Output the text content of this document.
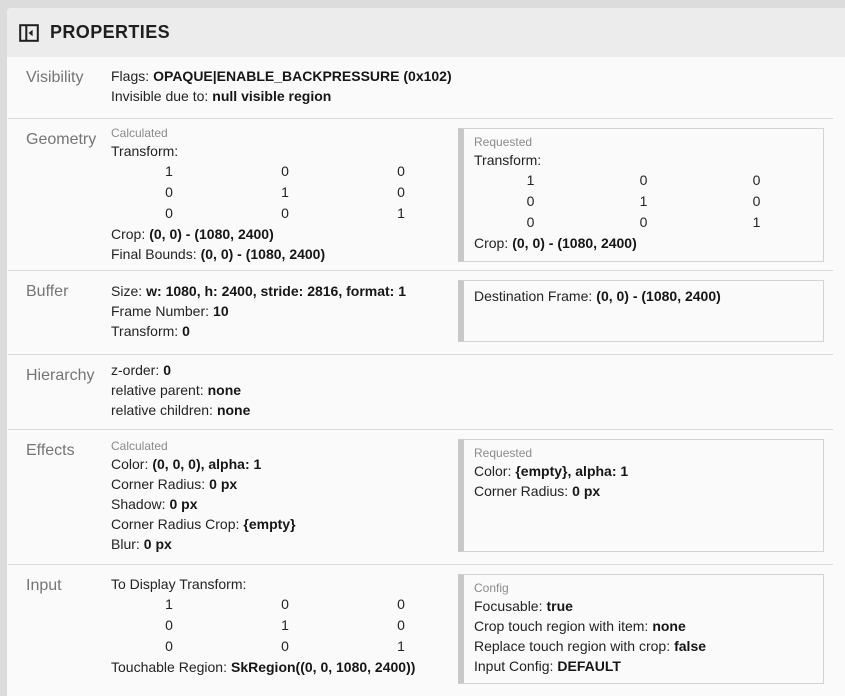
PROPERTIES
Visibility	Flags: OPAQUE|ENABLE_BACKPRESSURE (0x102)
Invisible due to: null visible region
Geometry	Calculated
Transform:
1	0	0
0	1	0
0	0	1
Crop: (0, 0) - (1080, 2400)
Final Bounds: (0, 0) - (1080, 2400)
Requested
Transform:
1	0	0
0	1	0
0	0	1
Crop: (0, 0) - (1080, 2400)
Buffer	Size: w: 1080, h: 2400, stride: 2816, format: 1
Frame Number: 10
Transform: 0
Destination Frame: (0, 0) - (1080, 2400)
Hierarchy	z-order: 0
relative parent: none
relative children: none
Effects	Calculated
Color: (0, 0, 0), alpha: 1
Corner Radius: 0 px
Shadow: 0 px
Corner Radius Crop: {empty}
Blur: 0 px
Requested
Color: {empty}, alpha: 1
Corner Radius: 0 px
Input	To Display Transform:
1	0	0
0	1	0
0	0	1
Touchable Region: SkRegion((0, 0, 1080, 2400))
Config
Focusable: true
Crop touch region with item: none
Replace touch region with crop: false
Input Config: DEFAULT
